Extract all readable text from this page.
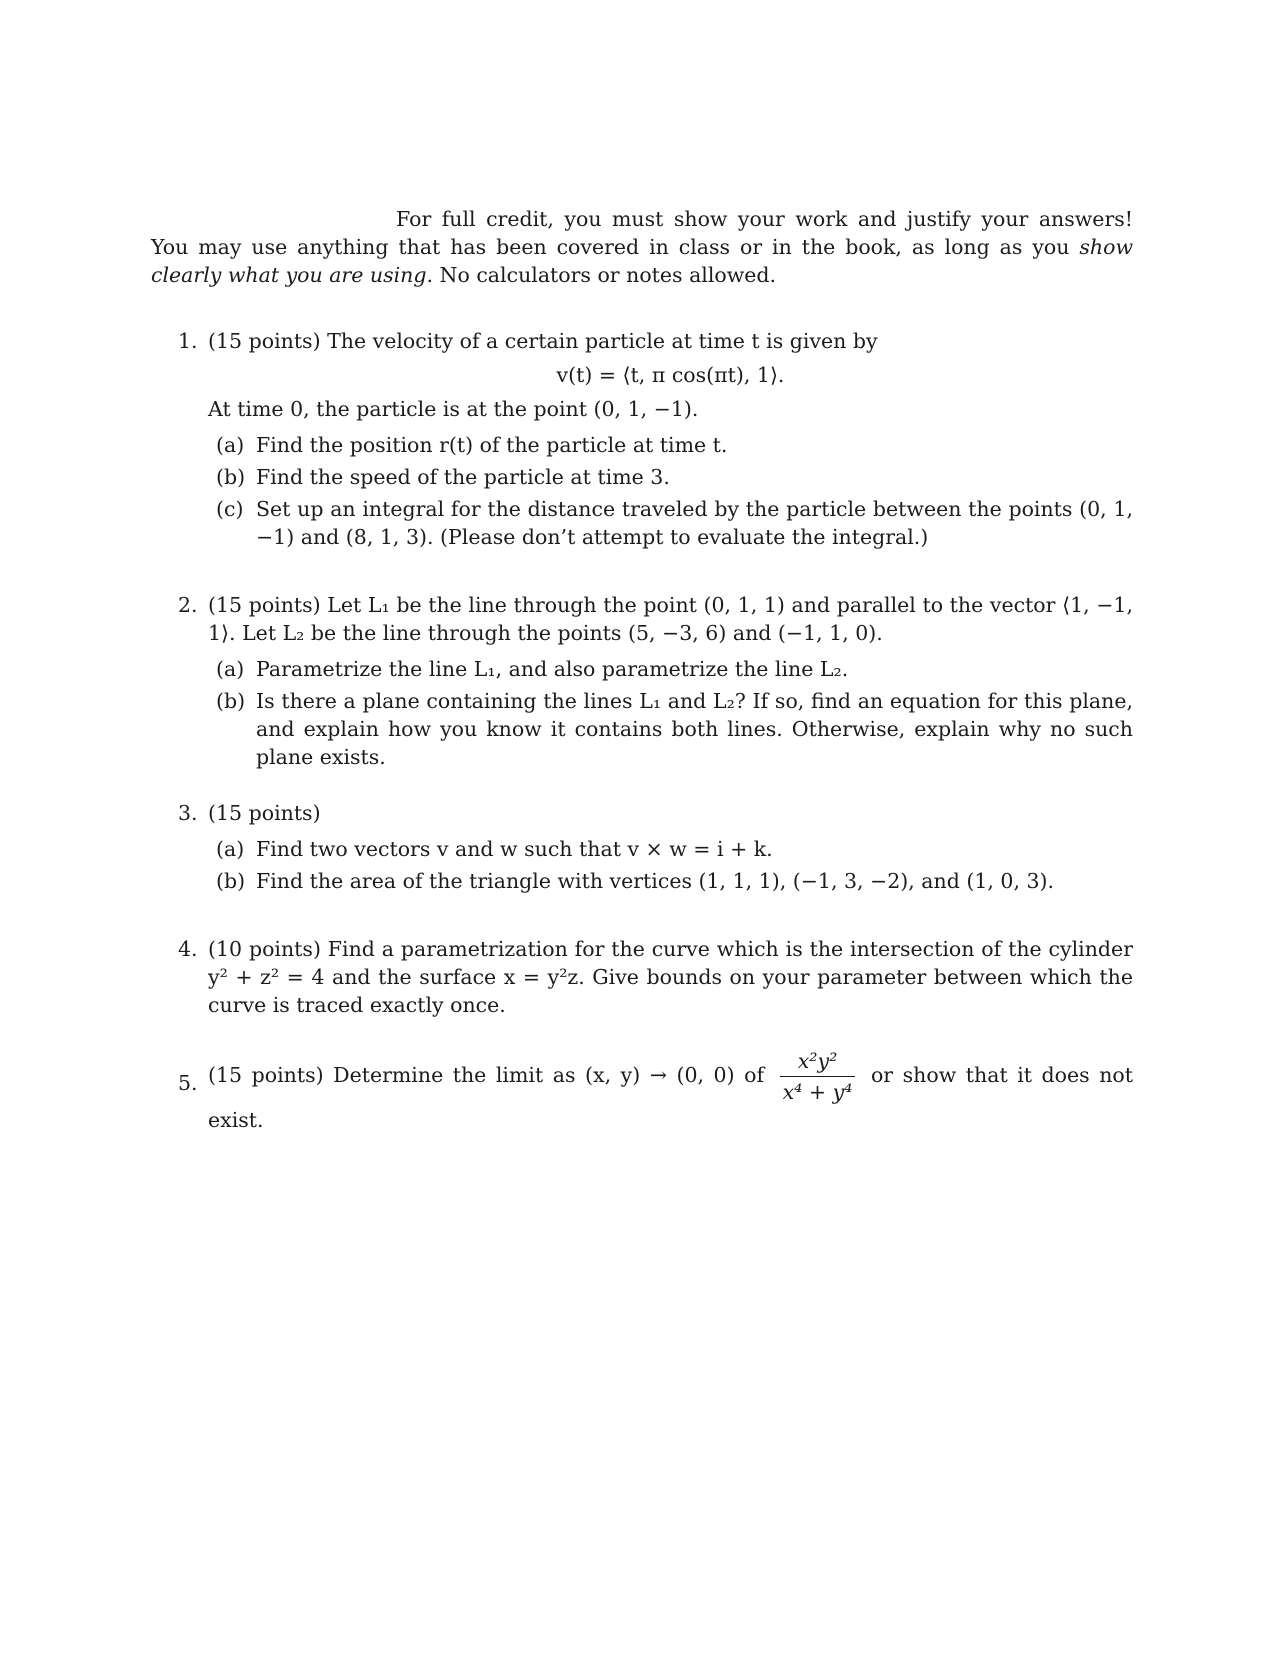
For full credit, you must show your work and justify your answers! You may use anything that has been covered in class or in the book, as long as you show clearly what you are using. No calculators or notes allowed.

1. (15 points) The velocity of a certain particle at time t is given by

v(t) = ⟨t, π cos(πt), 1⟩.

At time 0, the particle is at the point (0, 1, −1).

(a) Find the position r(t) of the particle at time t.
(b) Find the speed of the particle at time 3.
(c) Set up an integral for the distance traveled by the particle between the points (0, 1, −1) and (8, 1, 3). (Please don’t attempt to evaluate the integral.)
2. (15 points) Let L₁ be the line through the point (0, 1, 1) and parallel to the vector ⟨1, −1, 1⟩. Let L₂ be the line through the points (5, −3, 6) and (−1, 1, 0).

(a) Parametrize the line L₁, and also parametrize the line L₂.
(b) Is there a plane containing the lines L₁ and L₂? If so, find an equation for this plane, and explain how you know it contains both lines. Otherwise, explain why no such plane exists.
3. (15 points)

(a) Find two vectors v and w such that v × w = i + k.
(b) Find the area of the triangle with vertices (1, 1, 1), (−1, 3, −2), and (1, 0, 3).
4. (10 points) Find a parametrization for the curve which is the intersection of the cylinder y² + z² = 4 and the surface x = y²z. Give bounds on your parameter between which the curve is traced exactly once.

5. (15 points) Determine the limit as (x, y) → (0, 0) of $\frac{\text{x²y²}}{\text{x⁴ + y⁴}}$ or show that it does not exist.
